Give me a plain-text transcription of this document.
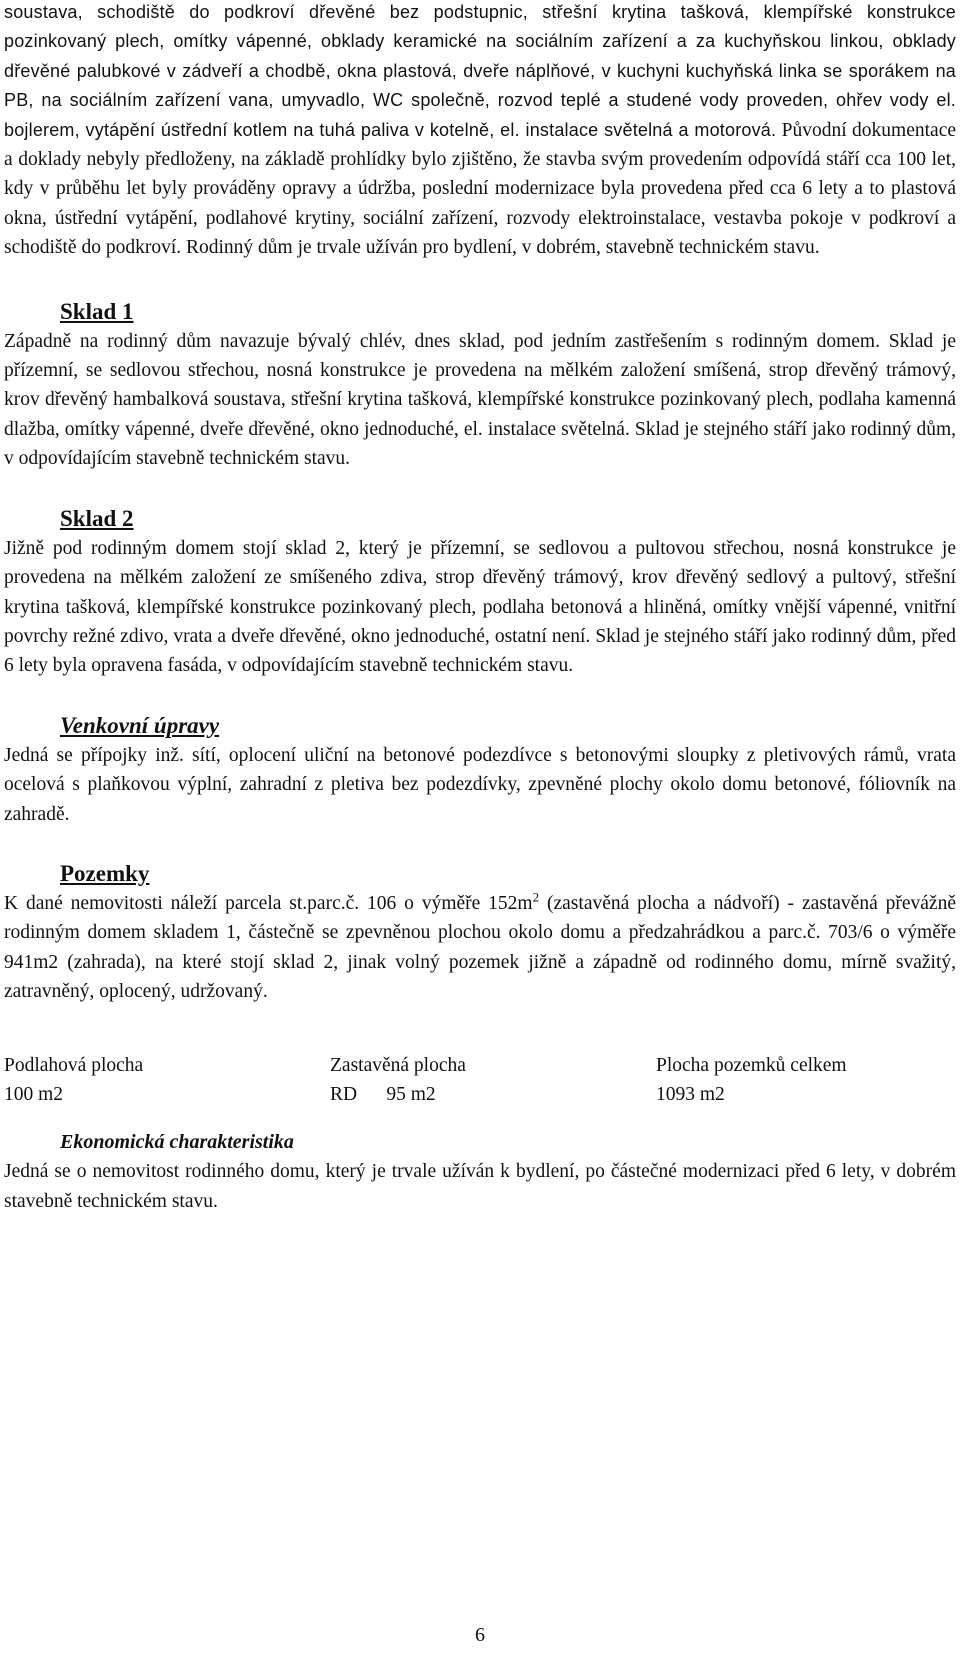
soustava, schodiště do podkroví dřevěné bez podstupnic, střešní krytina tašková, klempířské konstrukce pozinkovaný plech, omítky vápenné, obklady keramické na sociálním zařízení a za kuchyňskou linkou, obklady dřevěné palubkové v zádveří a chodbě, okna plastová, dveře náplňové, v kuchyni kuchyňská linka se sporákem na PB, na sociálním zařízení vana, umyvadlo, WC společně, rozvod teplé a studené vody proveden, ohřev vody el. bojlerem, vytápění ústřední kotlem na tuhá paliva v kotelně, el. instalace světelná a motorová. Původní dokumentace a doklady nebyly předloženy, na základě prohlídky bylo zjištěno, že stavba svým provedením odpovídá stáří cca 100 let, kdy v průběhu let byly prováděny opravy a údržba, poslední modernizace byla provedena před cca 6 lety a to plastová okna, ústřední vytápění, podlahové krytiny, sociální zařízení, rozvody elektroinstalace, vestavba pokoje v podkroví a schodiště do podkroví. Rodinný dům je trvale užíván pro bydlení, v dobrém, stavebně technickém stavu.

Sklad 1

Západně na rodinný dům navazuje bývalý chlév, dnes sklad, pod jedním zastřešením s rodinným domem. Sklad je přízemní, se sedlovou střechou, nosná konstrukce je provedena na mělkém založení smíšená, strop dřevěný trámový, krov dřevěný hambalková soustava, střešní krytina tašková, klempířské konstrukce pozinkovaný plech, podlaha kamenná dlažba, omítky vápenné, dveře dřevěné, okno jednoduché, el. instalace světelná. Sklad je stejného stáří jako rodinný dům, v odpovídajícím stavebně technickém stavu.

Sklad 2

Jižně pod rodinným domem stojí sklad 2, který je přízemní, se sedlovou a pultovou střechou, nosná konstrukce je provedena na mělkém založení ze smíšeného zdiva, strop dřevěný trámový, krov dřevěný sedlový a pultový, střešní krytina tašková, klempířské konstrukce pozinkovaný plech, podlaha betonová a hliněná, omítky vnější vápenné, vnitřní povrchy režné zdivo, vrata a dveře dřevěné, okno jednoduché, ostatní není. Sklad je stejného stáří jako rodinný dům, před 6 lety byla opravena fasáda, v odpovídajícím stavebně technickém stavu.

Venkovní úpravy

Jedná se přípojky inž. sítí, oplocení uliční na betonové podezdívce s betonovými sloupky z pletivových rámů, vrata ocelová s plaňkovou výplní, zahradní z pletiva bez podezdívky, zpevněné plochy okolo domu betonové, fóliovník na zahradě.

Pozemky

K dané nemovitosti náleží parcela st.parc.č. 106 o výměře $152m^2$ (zastavěná plocha a nádvoří) - zastavěná převážně rodinným domem skladem 1, částečně se zpevněnou plochou okolo domu a předzahrádkou a parc.č. 703/6 o výměře 941m2 (zahrada), na které stojí sklad 2, jinak volný pozemek jižně a západně od rodinného domu, mírně svažitý, zatravněný, oplocený, udržovaný.

Podlahová plocha
100 m2
Zastavěná plocha
RD      95 m2
Plocha pozemků celkem
1093 m2
Ekonomická charakteristika

Jedná se o nemovitost rodinného domu, který je trvale užíván k bydlení, po částečné modernizaci před 6 lety, v dobrém stavebně technickém stavu.

6
